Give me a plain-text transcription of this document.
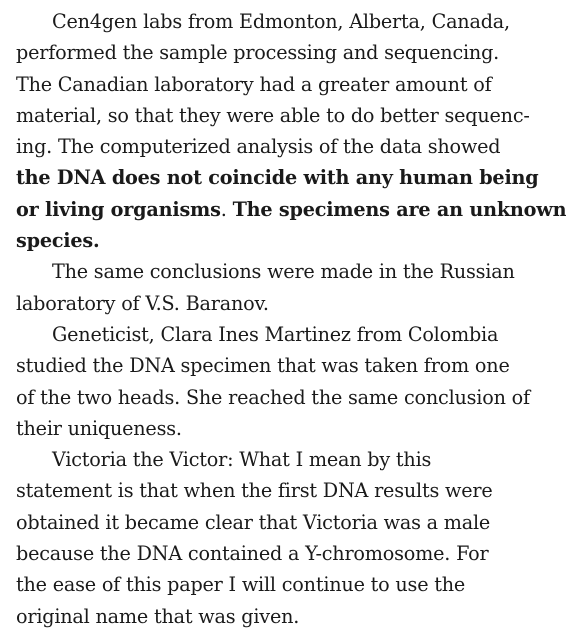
Cen4gen labs from Edmonton, Alberta, Canada,
performed the sample processing and sequencing.
The Canadian laboratory had a greater amount of
material, so that they were able to do better sequenc-
ing. The computerized analysis of the data showed
the DNA does not coincide with any human being
or living organisms. The specimens are an unknown
species.
The same conclusions were made in the Russian
laboratory of V.S. Baranov.
Geneticist, Clara Ines Martinez from Colombia
studied the DNA specimen that was taken from one
of the two heads. She reached the same conclusion of
their uniqueness.
Victoria the Victor: What I mean by this
statement is that when the first DNA results were
obtained it became clear that Victoria was a male
because the DNA contained a Y-chromosome. For
the ease of this paper I will continue to use the
original name that was given.
